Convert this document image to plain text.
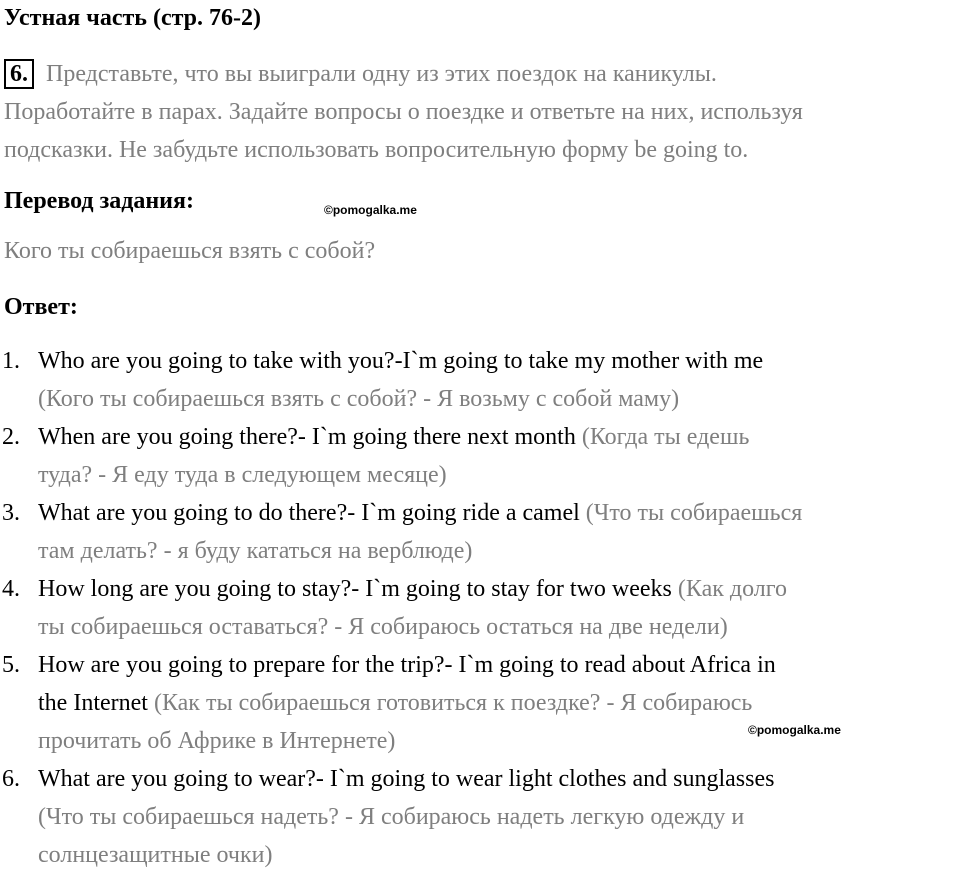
Устная часть (стр. 76-2)
6. Представьте, что вы выиграли одну из этих поездок на каникулы.
Поработайте в парах. Задайте вопросы о поездке и ответьте на них, используя
подсказки. Не забудьте использовать вопросительную форму be going to.
Перевод задания:	©pomogalka.me
Кого ты собираешься взять с собой?
Ответ:
1. Who are you going to take with you?-I`m going to take my mother with me
(Кого ты собираешься взять с собой? - Я возьму с собой маму)
2. When are you going there?- I`m going there next month (Когда ты едешь
туда? - Я еду туда в следующем месяце)
3. What are you going to do there?- I`m going ride a camel (Что ты собираешься
там делать? - я буду кататься на верблюде)
4. How long are you going to stay?- I`m going to stay for two weeks (Как долго
ты собираешься оставаться? - Я собираюсь остаться на две недели)
5. How are you going to prepare for the trip?- I`m going to read about Africa in
the Internet (Как ты собираешься готовиться к поездке? - Я собираюсь
прочитать об Африке в Интернете)
6. What are you going to wear?- I`m going to wear light clothes and sunglasses
(Что ты собираешься надеть? - Я собираюсь надеть легкую одежду и
солнцезащитные очки)
©pomogalka.me
